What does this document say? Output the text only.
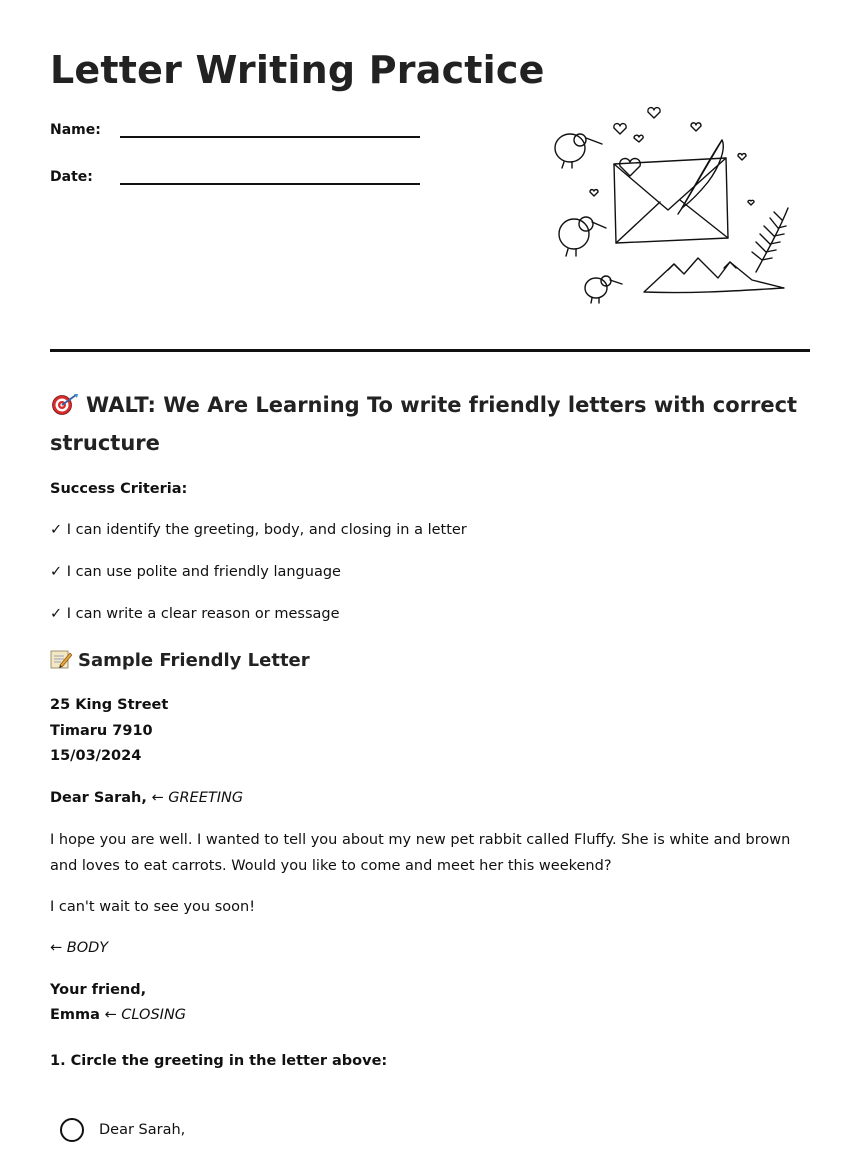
Letter Writing Practice
Name:
Date:
WALT: We Are Learning To write friendly letters with correct structure
Success Criteria:
✓ I can identify the greeting, body, and closing in a letter
✓ I can use polite and friendly language
✓ I can write a clear reason or message
Sample Friendly Letter
25 King Street
Timaru 7910
15/03/2024
Dear Sarah, ← GREETING
I hope you are well. I wanted to tell you about my new pet rabbit called Fluffy. She is white and brown and loves to eat carrots. Would you like to come and meet her this weekend?
I can't wait to see you soon!
← BODY
Your friend,
Emma ← CLOSING
1. Circle the greeting in the letter above:
Dear Sarah,
